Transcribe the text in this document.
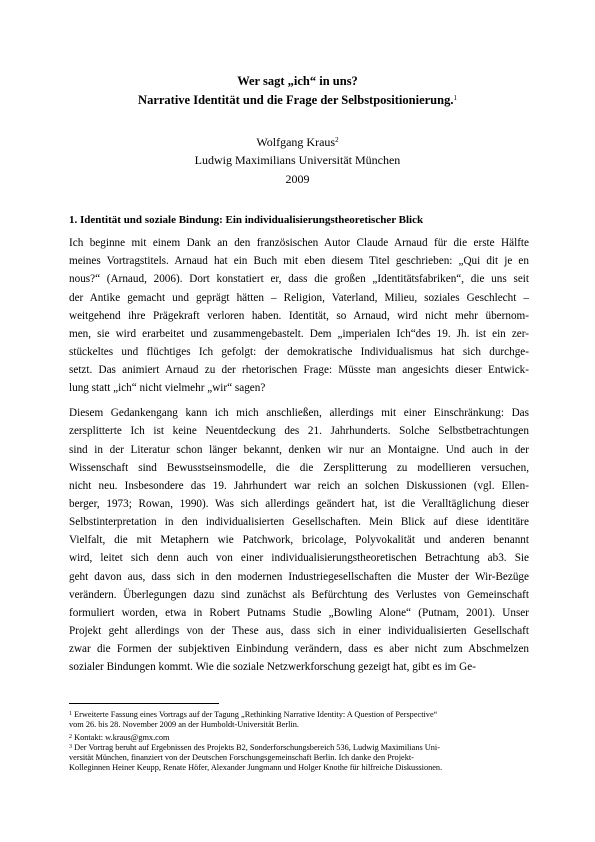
Wer sagt „ich“ in uns?
Narrative Identität und die Frage der Selbstpositionierung.$^1$
Wolfgang Kraus$^2$
Ludwig Maximilians Universität München
2009
1. Identität und soziale Bindung: Ein individualisierungstheoretischer Blick
Ich beginne mit einem Dank an den französischen Autor Claude Arnaud für die erste Hälfte
meines Vortragstitels. Arnaud hat ein Buch mit eben diesem Titel geschrieben: „Qui dit je en
nous?“ (Arnaud, 2006). Dort konstatiert er, dass die großen „Identitätsfabriken“, die uns seit
der Antike gemacht und geprägt hätten – Religion, Vaterland, Milieu, soziales Geschlecht –
weitgehend ihre Prägekraft verloren haben. Identität, so Arnaud, wird nicht mehr übernom-
men, sie wird erarbeitet und zusammengebastelt. Dem „imperialen Ich“des 19. Jh. ist ein zer-
stückeltes und flüchtiges Ich gefolgt: der demokratische Individualismus hat sich durchge-
setzt. Das animiert Arnaud zu der rhetorischen Frage: Müsste man angesichts dieser Entwick-
lung statt „ich“ nicht vielmehr „wir“ sagen?
Diesem Gedankengang kann ich mich anschließen, allerdings mit einer Einschränkung: Das
zersplitterte Ich ist keine Neuentdeckung des 21. Jahrhunderts. Solche Selbstbetrachtungen
sind in der Literatur schon länger bekannt, denken wir nur an Montaigne. Und auch in der
Wissenschaft sind Bewusstseinsmodelle, die die Zersplitterung zu modellieren versuchen,
nicht neu. Insbesondere das 19. Jahrhundert war reich an solchen Diskussionen (vgl. Ellen-
berger, 1973; Rowan, 1990). Was sich allerdings geändert hat, ist die Veralltäglichung dieser
Selbstinterpretation in den individualisierten Gesellschaften. Mein Blick auf diese identitäre
Vielfalt, die mit Metaphern wie Patchwork, bricolage, Polyvokalität und anderen benannt
wird, leitet sich denn auch von einer individualisierungstheoretischen Betrachtung ab3. Sie
geht davon aus, dass sich in den modernen Industriegesellschaften die Muster der Wir-Bezüge
verändern. Überlegungen dazu sind zunächst als Befürchtung des Verlustes von Gemeinschaft
formuliert worden, etwa in Robert Putnams Studie „Bowling Alone“ (Putnam, 2001). Unser
Projekt geht allerdings von der These aus, dass sich in einer individualisierten Gesellschaft
zwar die Formen der subjektiven Einbindung verändern, dass es aber nicht zum Abschmelzen
sozialer Bindungen kommt. Wie die soziale Netzwerkforschung gezeigt hat, gibt es im Ge-
$^1$ Erweiterte Fassung eines Vortrags auf der Tagung „Rethinking Narrative Identity: A Question of Perspective“
vom 26. bis 28. November 2009 an der Humboldt-Universität Berlin.
$^2$ Kontakt: w.kraus@gmx.com
$^3$ Der Vortrag beruht auf Ergebnissen des Projekts B2, Sonderforschungsbereich 536, Ludwig Maximilians Uni-
versität München, finanziert von der Deutschen Forschungsgemeinschaft Berlin. Ich danke den Projekt-
Kolleginnen Heiner Keupp, Renate Höfer, Alexander Jungmann und Holger Knothe für hilfreiche Diskussionen.
